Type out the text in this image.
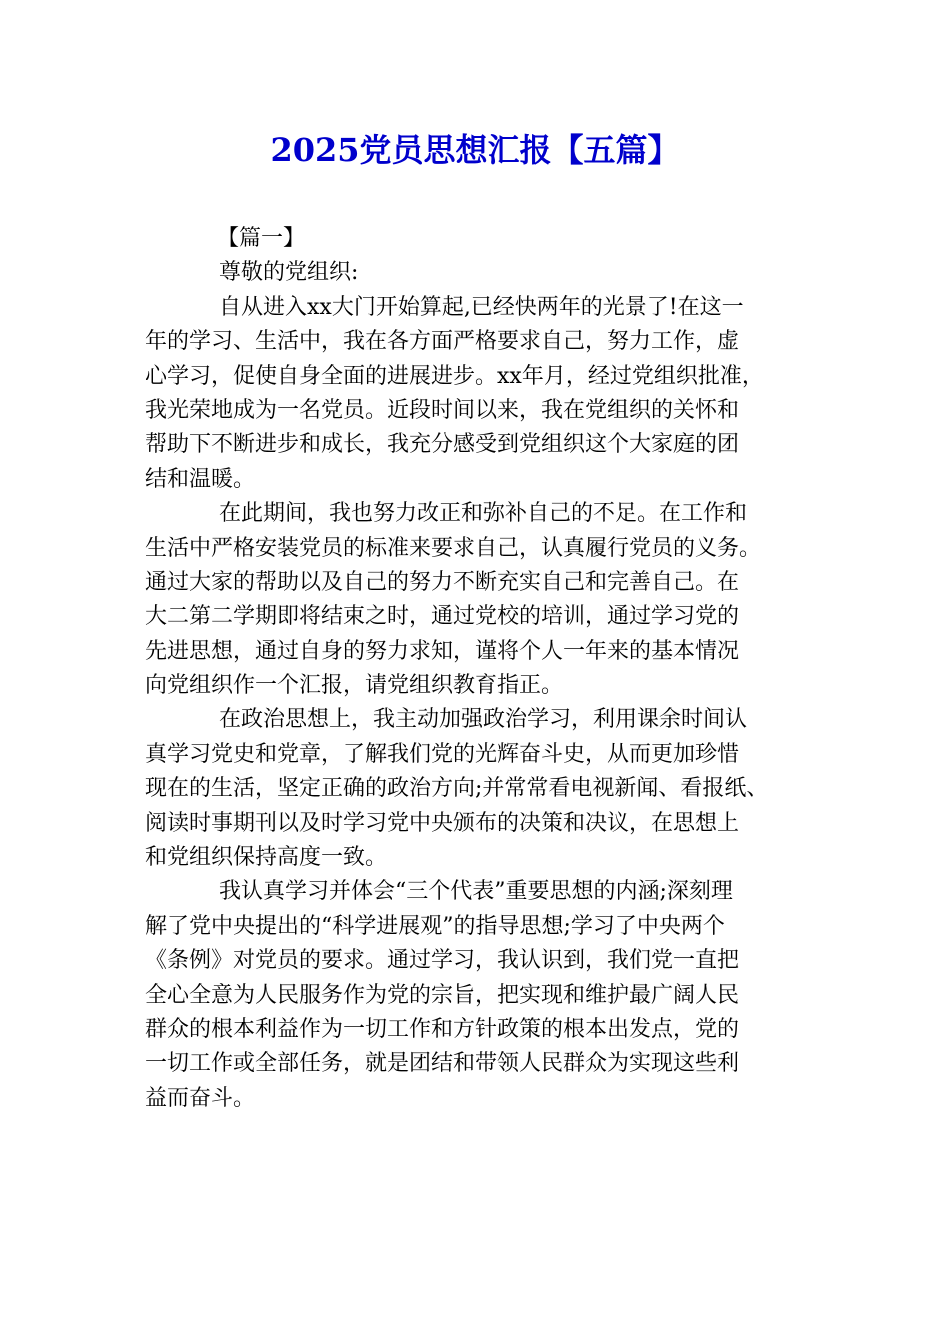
2025党员思想汇报【五篇】
【篇一】
尊敬的党组织:
自从进入xx大门开始算起,已经快两年的光景了!在这一
年的学习、生活中，我在各方面严格要求自己，努力工作，虚
心学习，促使自身全面的进展进步。xx年月，经过党组织批准，
我光荣地成为一名党员。近段时间以来，我在党组织的关怀和
帮助下不断进步和成长，我充分感受到党组织这个大家庭的团
结和温暖。
在此期间，我也努力改正和弥补自己的不足。在工作和
生活中严格安装党员的标准来要求自己，认真履行党员的义务。
通过大家的帮助以及自己的努力不断充实自己和完善自己。在
大二第二学期即将结束之时，通过党校的培训，通过学习党的
先进思想，通过自身的努力求知，谨将个人一年来的基本情况
向党组织作一个汇报，请党组织教育指正。
在政治思想上，我主动加强政治学习，利用课余时间认
真学习党史和党章，了解我们党的光辉奋斗史，从而更加珍惜
现在的生活，坚定正确的政治方向;并常常看电视新闻、看报纸、
阅读时事期刊以及时学习党中央颁布的决策和决议，在思想上
和党组织保持高度一致。
我认真学习并体会“三个代表”重要思想的内涵;深刻理
解了党中央提出的“科学进展观”的指导思想;学习了中央两个
《条例》对党员的要求。通过学习，我认识到，我们党一直把
全心全意为人民服务作为党的宗旨，把实现和维护最广阔人民
群众的根本利益作为一切工作和方针政策的根本出发点，党的
一切工作或全部任务，就是团结和带领人民群众为实现这些利
益而奋斗。
